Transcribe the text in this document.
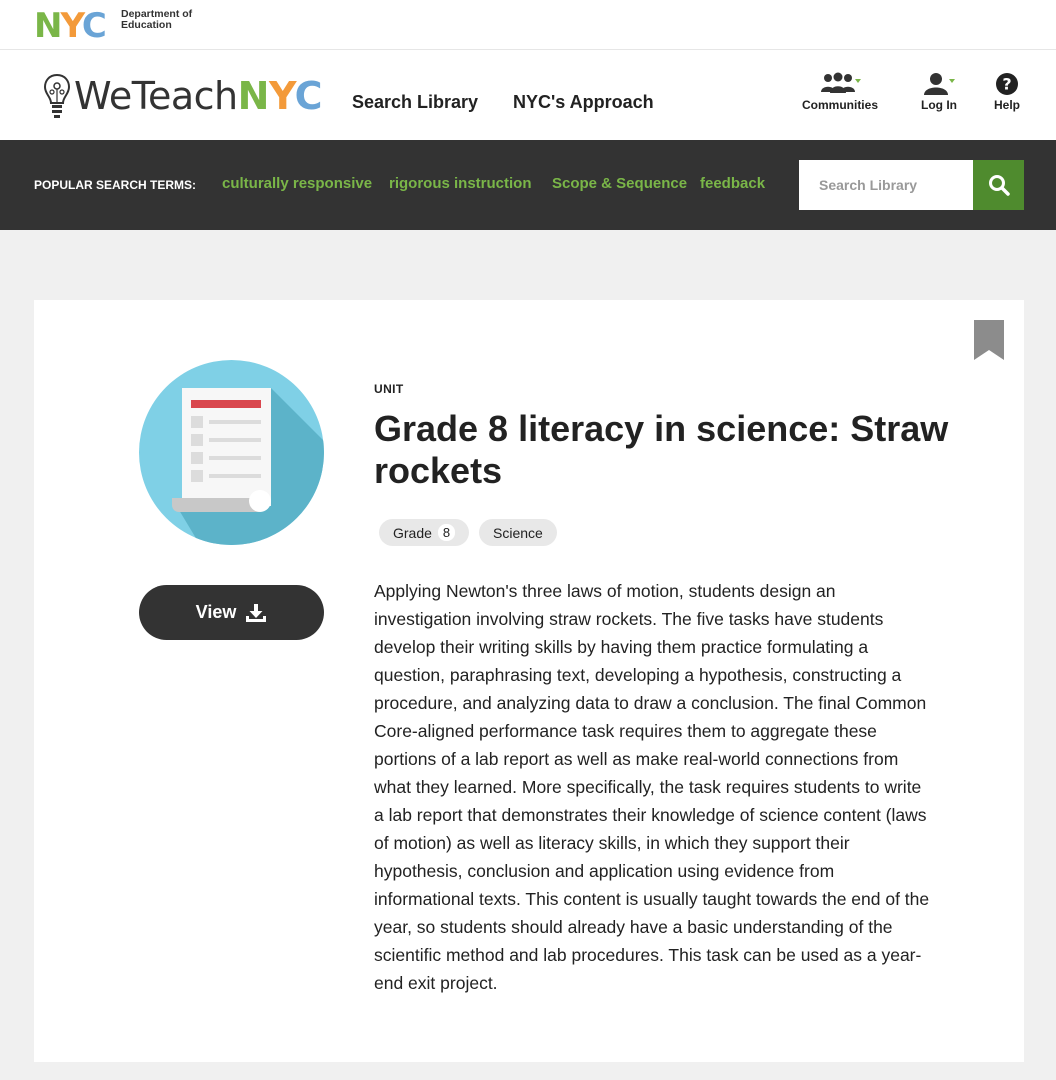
NYC Department of Education
WeTeachNYC Search Library NYC's Approach	Communities	Log In
?
Help
POPULAR SEARCH TERMS: culturally responsive rigorous instruction Scope & Sequence feedback
Search Library
View
UNIT
Grade 8 literacy in science: Straw rockets
Grade 8	Science

Applying Newton's three laws of motion, students design an investigation involving straw rockets. The five tasks have students develop their writing skills by having them practice formulating a question, paraphrasing text, developing a hypothesis, constructing a procedure, and analyzing data to draw a conclusion. The final Common Core-aligned performance task requires them to aggregate these portions of a lab report as well as make real-world connections from what they learned. More specifically, the task requires students to write a lab report that demonstrates their knowledge of science content (laws of motion) as well as literacy skills, in which they support their hypothesis, conclusion and application using evidence from informational texts. This content is usually taught towards the end of the year, so students should already have a basic understanding of the scientific method and lab procedures. This task can be used as a year-end exit project.
